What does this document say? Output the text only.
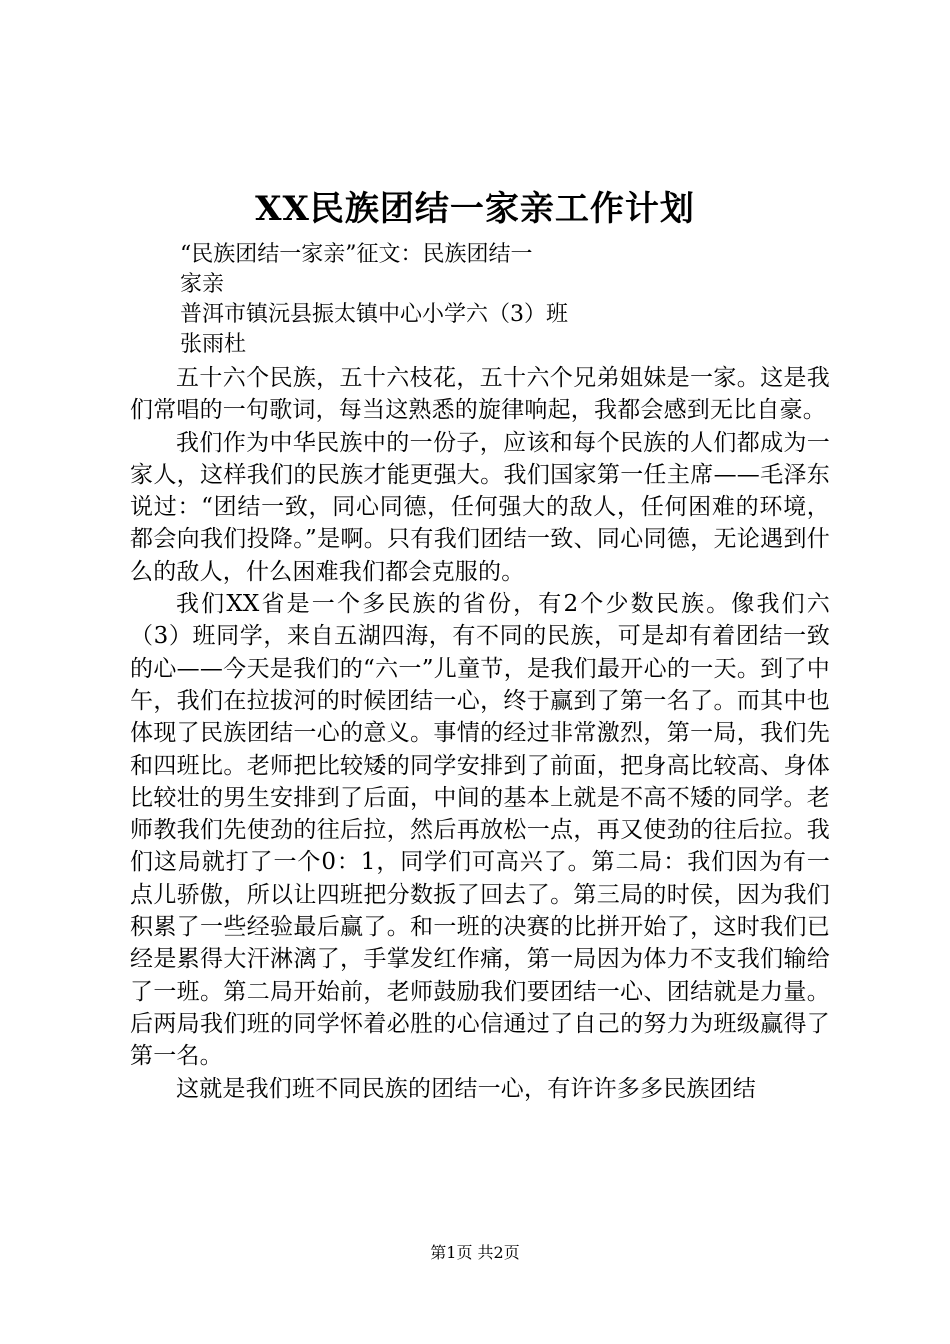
XX民族团结一家亲工作计划

“民族团结一家亲”征文：民族团结一

家亲

普洱市镇沅县振太镇中心小学六（3）班

张雨杜

五十六个民族，五十六枝花，五十六个兄弟姐妹是一家。这是我们常唱的一句歌词，每当这熟悉的旋律响起，我都会感到无比自豪。

我们作为中华民族中的一份子，应该和每个民族的人们都成为一家人，这样我们的民族才能更强大。我们国家第一任主席——毛泽东说过：“团结一致，同心同德，任何强大的敌人，任何困难的环境，都会向我们投降。”是啊。只有我们团结一致、同心同德，无论遇到什么的敌人，什么困难我们都会克服的。

我们XX省是一个多民族的省份，有2个少数民族。像我们六（3）班同学，来自五湖四海，有不同的民族，可是却有着团结一致的心——今天是我们的“六一”儿童节，是我们最开心的一天。到了中午，我们在拉拔河的时候团结一心，终于赢到了第一名了。而其中也体现了民族团结一心的意义。事情的经过非常激烈，第一局，我们先和四班比。老师把比较矮的同学安排到了前面，把身高比较高、身体比较壮的男生安排到了后面，中间的基本上就是不高不矮的同学。老师教我们先使劲的往后拉，然后再放松一点，再又使劲的往后拉。我们这局就打了一个0：1，同学们可高兴了。第二局：我们因为有一点儿骄傲，所以让四班把分数扳了回去了。第三局的时侯，因为我们积累了一些经验最后赢了。和一班的决赛的比拼开始了，这时我们已经是累得大汗淋漓了，手掌发红作痛，第一局因为体力不支我们输给了一班。第二局开始前，老师鼓励我们要团结一心、团结就是力量。后两局我们班的同学怀着必胜的心信通过了自己的努力为班级赢得了第一名。

这就是我们班不同民族的团结一心，有许许多多民族团结

第1页 共2页
